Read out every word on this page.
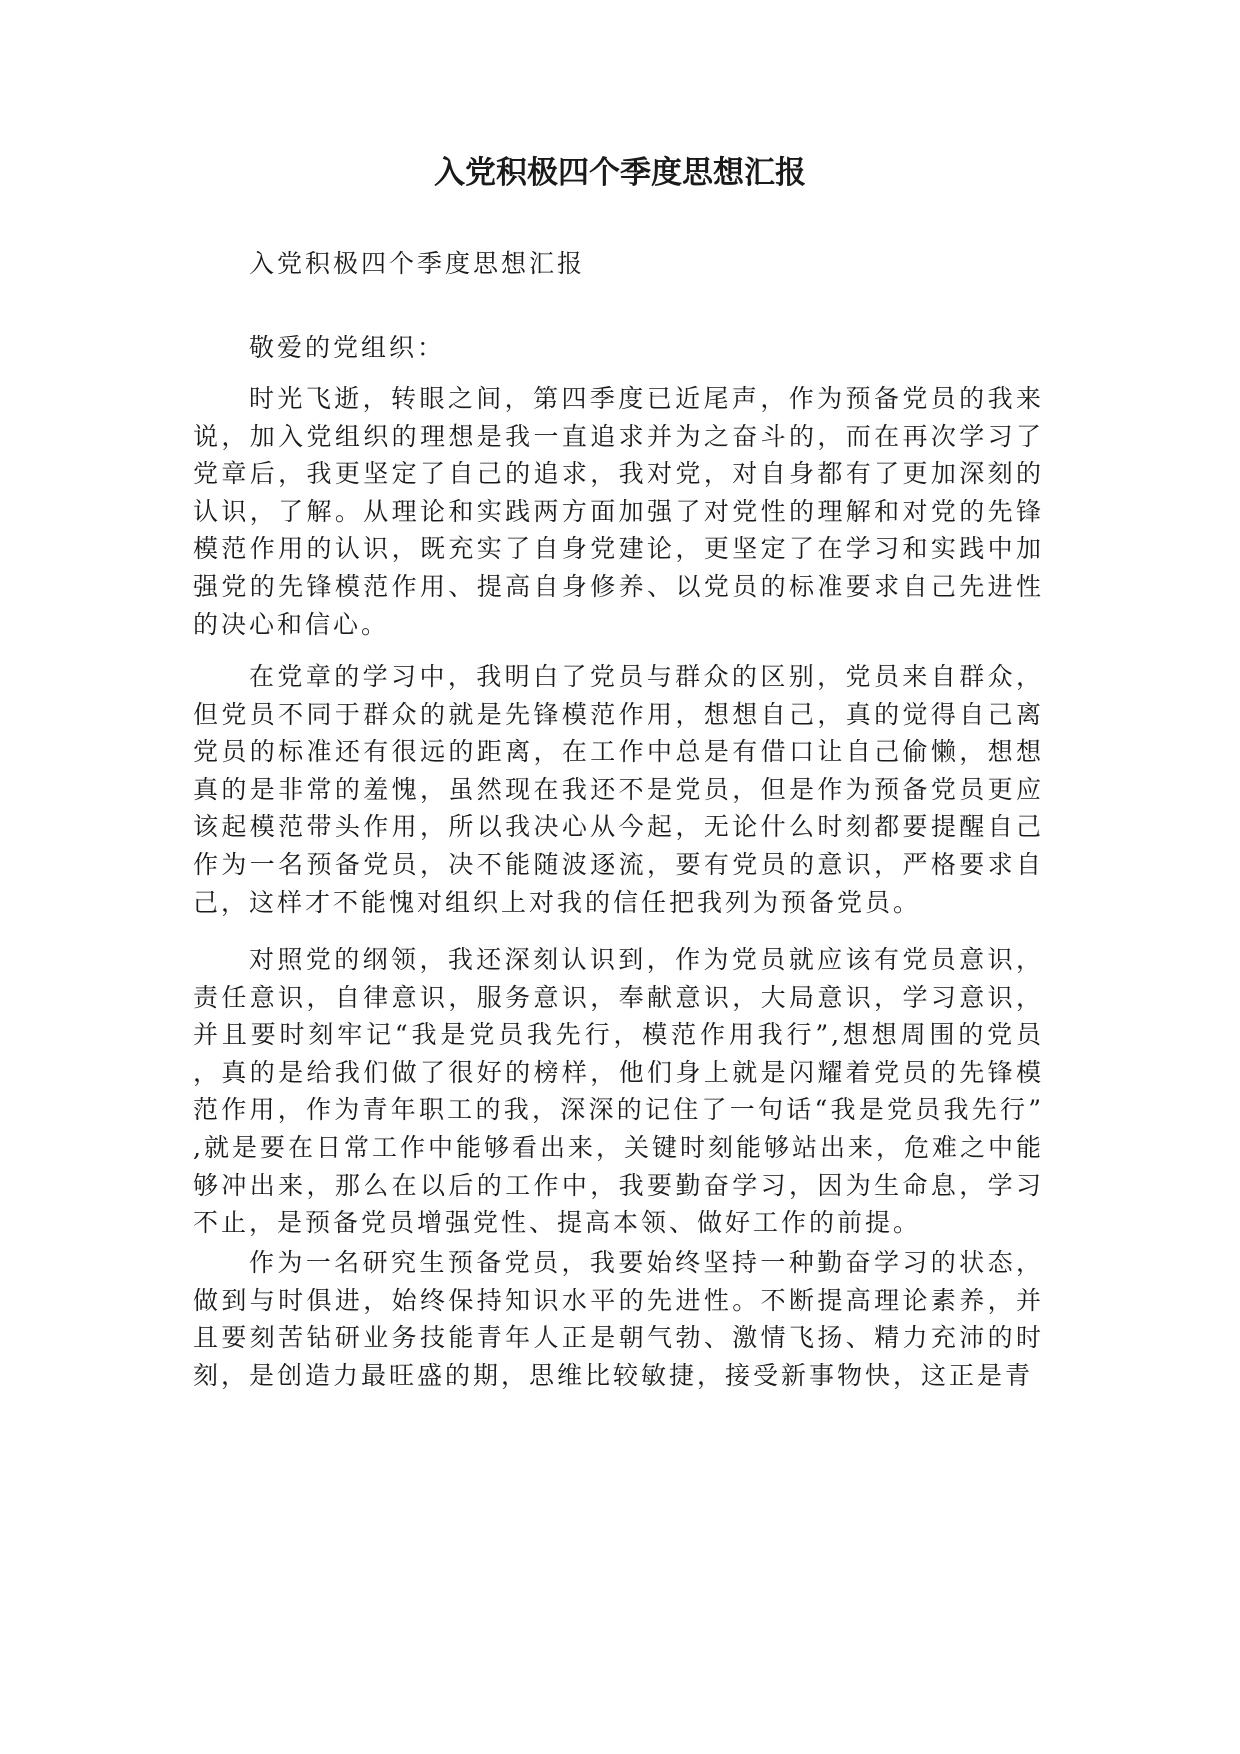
入党积极四个季度思想汇报
入党积极四个季度思想汇报
敬爱的党组织：

时光飞逝，转眼之间，第四季度已近尾声，作为预备党员的我来说，加入党组织的理想是我一直追求并为之奋斗的，而在再次学习了党章后，我更坚定了自己的追求，我对党，对自身都有了更加深刻的认识，了解。从理论和实践两方面加强了对党性的理解和对党的先锋模范作用的认识，既充实了自身党建论，更坚定了在学习和实践中加强党的先锋模范作用、提高自身修养、以党员的标准要求自己先进性的决心和信心。

在党章的学习中，我明白了党员与群众的区别，党员来自群众，但党员不同于群众的就是先锋模范作用，想想自己，真的觉得自己离党员的标准还有很远的距离，在工作中总是有借口让自己偷懒，想想真的是非常的羞愧，虽然现在我还不是党员，但是作为预备党员更应该起模范带头作用，所以我决心从今起，无论什么时刻都要提醒自己作为一名预备党员，决不能随波逐流，要有党员的意识，严格要求自己，这样才不能愧对组织上对我的信任把我列为预备党员。

对照党的纲领，我还深刻认识到，作为党员就应该有党员意识，责任意识，自律意识，服务意识，奉献意识，大局意识，学习意识，并且要时刻牢记“我是党员我先行，模范作用我行”,想想周围的党员，真的是给我们做了很好的榜样，他们身上就是闪耀着党员的先锋模范作用，作为青年职工的我，深深的记住了一句话“我是党员我先行”,就是要在日常工作中能够看出来，关键时刻能够站出来，危难之中能够冲出来，那么在以后的工作中，我要勤奋学习，因为生命息，学习不止，是预备党员增强党性、提高本领、做好工作的前提。

作为一名研究生预备党员，我要始终坚持一种勤奋学习的状态，做到与时俱进，始终保持知识水平的先进性。不断提高理论素养，并且要刻苦钻研业务技能青年人正是朝气勃、激情飞扬、精力充沛的时刻，是创造力最旺盛的期，思维比较敏捷，接受新事物快，这正是青
